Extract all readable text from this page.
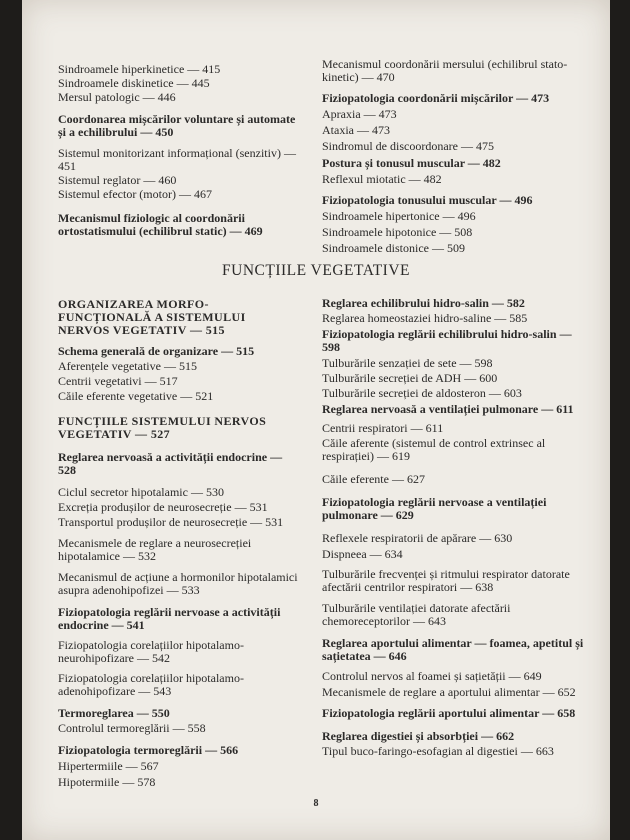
Sindroamele hiperkinetice — 415

Sindroamele diskinetice — 445

Mersul patologic — 446

Coordonarea mișcărilor voluntare și automate și a echilibrului — 450

Sistemul monitorizant informațional (senzitiv) — 451

Sistemul reglator — 460

Sistemul efector (motor) — 467

Mecanismul fiziologic al coordonării ortostatismului (echilibrul static) — 469

Mecanismul coordonării mersului (echilibrul stato-kinetic) — 470

Fiziopatologia coordonării mișcărilor — 473

Apraxia — 473

Ataxia — 473

Sindromul de discoordonare — 475

Postura și tonusul muscular — 482

Reflexul miotatic — 482

Fiziopatologia tonusului muscular — 496

Sindroamele hipertonice — 496

Sindroamele hipotonice — 508

Sindroamele distonice — 509

FUNCȚIILE VEGETATIVE

ORGANIZAREA MORFO-FUNCȚIONALĂ A SISTEMULUI NERVOS VEGETATIV — 515

Schema generală de organizare — 515

Aferențele vegetative — 515

Centrii vegetativi — 517

Căile eferente vegetative — 521

FUNCȚIILE SISTEMULUI NERVOS VEGETATIV — 527

Reglarea nervoasă a activității endocrine — 528

Ciclul secretor hipotalamic — 530

Excreția produșilor de neurosecreție — 531

Transportul produșilor de neurosecreție — 531

Mecanismele de reglare a neurosecreției hipotalamice — 532

Mecanismul de acțiune a hormonilor hipotalamici asupra adenohipofizei — 533

Fiziopatologia reglării nervoase a activității endocrine — 541

Fiziopatologia corelațiilor hipotalamo-neurohipofizare — 542

Fiziopatologia corelațiilor hipotalamo-adenohipofizare — 543

Termoreglarea — 550

Controlul termoreglării — 558

Fiziopatologia termoreglării — 566

Hipertermiile — 567

Hipotermiile — 578

Reglarea echilibrului hidro-salin — 582

Reglarea homeostaziei hidro-saline — 585

Fiziopatologia reglării echilibrului hidro-salin — 598

Tulburările senzației de sete — 598

Tulburările secreției de ADH — 600

Tulburările secreției de aldosteron — 603

Reglarea nervoasă a ventilației pulmonare — 611

Centrii respiratori — 611

Căile aferente (sistemul de control extrinsec al respirației) — 619

Căile eferente — 627

Fiziopatologia reglării nervoase a ventilației pulmonare — 629

Reflexele respiratorii de apărare — 630

Dispneea — 634

Tulburările frecvenței și ritmului respirator datorate afectării centrilor respiratori — 638

Tulburările ventilației datorate afectării chemoreceptorilor — 643

Reglarea aportului alimentar — foamea, apetitul și sațietatea — 646

Controlul nervos al foamei și sațietății — 649

Mecanismele de reglare a aportului alimentar — 652

Fiziopatologia reglării aportului alimentar — 658

Reglarea digestiei și absorbției — 662

Tipul buco-faringo-esofagian al digestiei — 663

8
